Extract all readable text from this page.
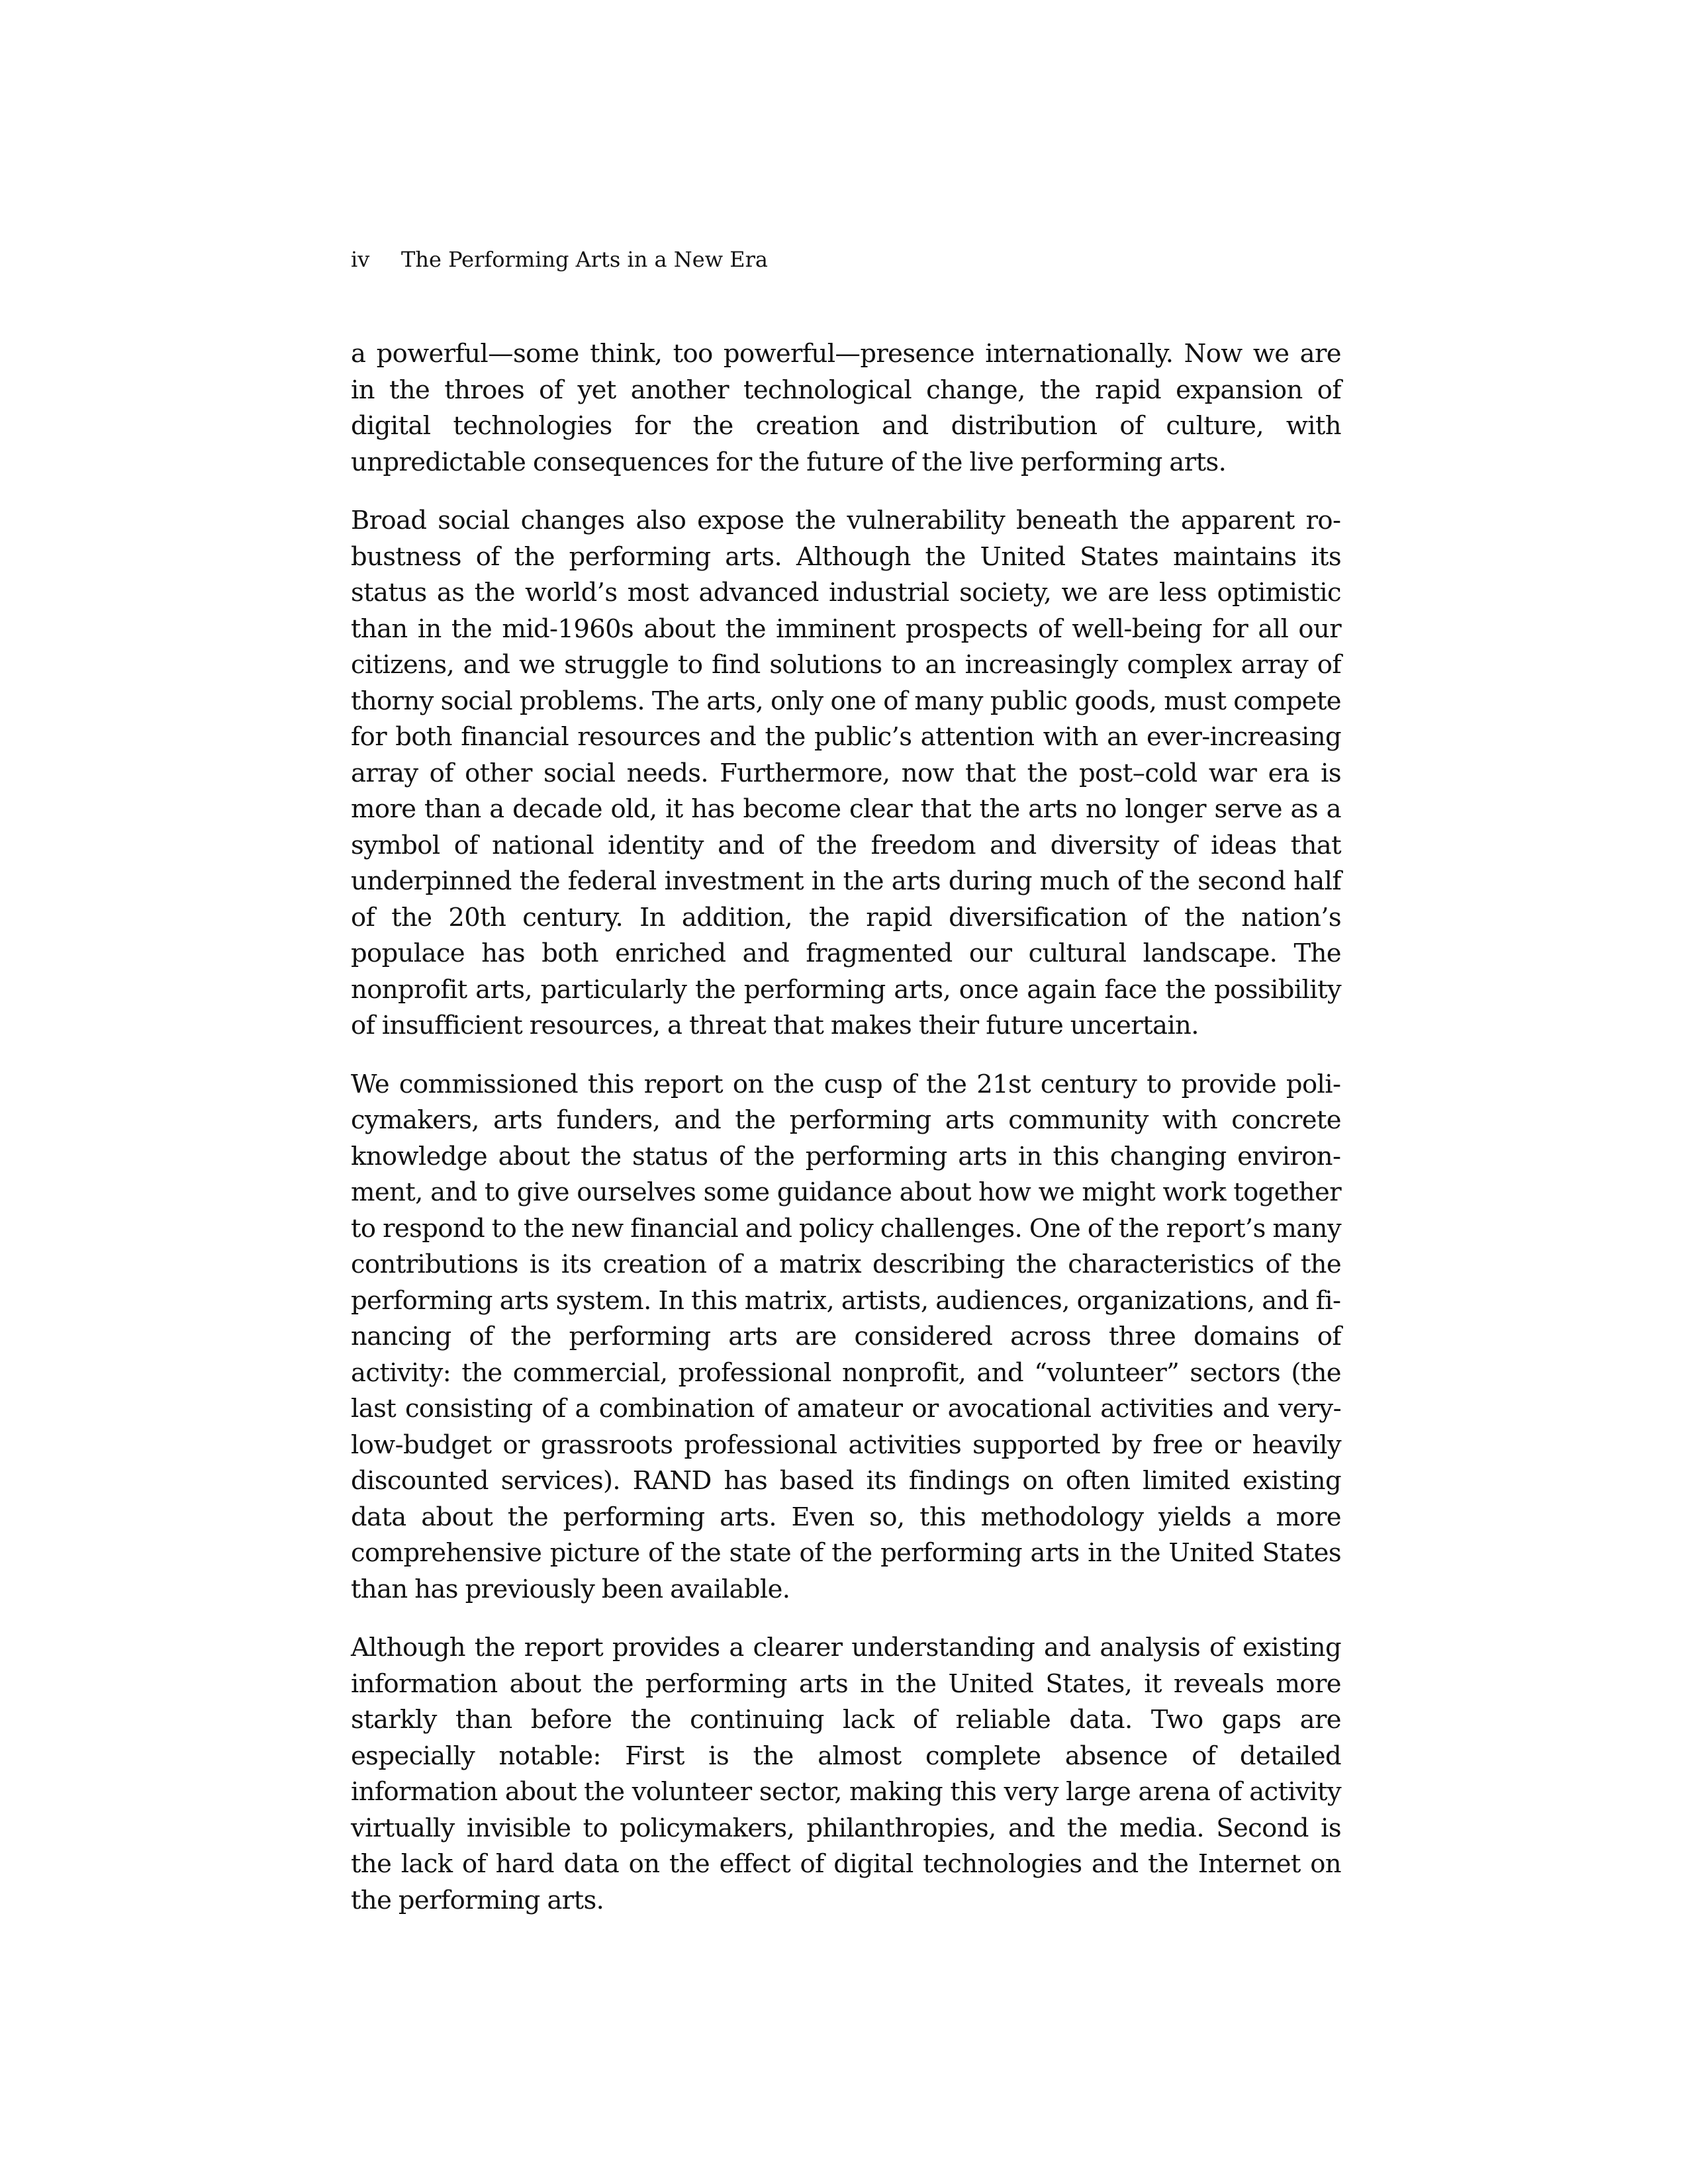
iv The Performing Arts in a New Era

a powerful—some think, too powerful—presence internationally. Now we are in the throes of yet another technological change, the rapid expansion of digital technologies for the creation and distribution of culture, with unpredictable consequences for the future of the live performing arts.

Broad social changes also expose the vulnerability beneath the apparent robustness of the performing arts. Although the United States maintains its status as the world’s most advanced industrial society, we are less optimistic than in the mid-1960s about the imminent prospects of well-being for all our citizens, and we struggle to find solutions to an increasingly complex array of thorny social problems. The arts, only one of many public goods, must compete for both financial resources and the public’s attention with an ever-increasing array of other social needs. Furthermore, now that the post–cold war era is more than a decade old, it has become clear that the arts no longer serve as a symbol of national identity and of the freedom and diversity of ideas that underpinned the federal investment in the arts during much of the second half of the 20th century. In addition, the rapid diversification of the nation’s populace has both enriched and fragmented our cultural landscape. The nonprofit arts, particularly the performing arts, once again face the possibility of insufficient resources, a threat that makes their future uncertain.

We commissioned this report on the cusp of the 21st century to provide policymakers, arts funders, and the performing arts community with concrete knowledge about the status of the performing arts in this changing environment, and to give ourselves some guidance about how we might work together to respond to the new financial and policy challenges. One of the report’s many contributions is its creation of a matrix describing the characteristics of the performing arts system. In this matrix, artists, audiences, organizations, and financing of the performing arts are considered across three domains of activity: the commercial, professional nonprofit, and “volunteer” sectors (the last consisting of a combination of amateur or avocational activities and very-low-budget or grassroots professional activities supported by free or heavily discounted services). RAND has based its findings on often limited existing data about the performing arts. Even so, this methodology yields a more comprehensive picture of the state of the performing arts in the United States than has previously been available.

Although the report provides a clearer understanding and analysis of existing information about the performing arts in the United States, it reveals more starkly than before the continuing lack of reliable data. Two gaps are especially notable: First is the almost complete absence of detailed information about the volunteer sector, making this very large arena of activity virtually invisible to policymakers, philanthropies, and the media. Second is the lack of hard data on the effect of digital technologies and the Internet on the performing arts.
